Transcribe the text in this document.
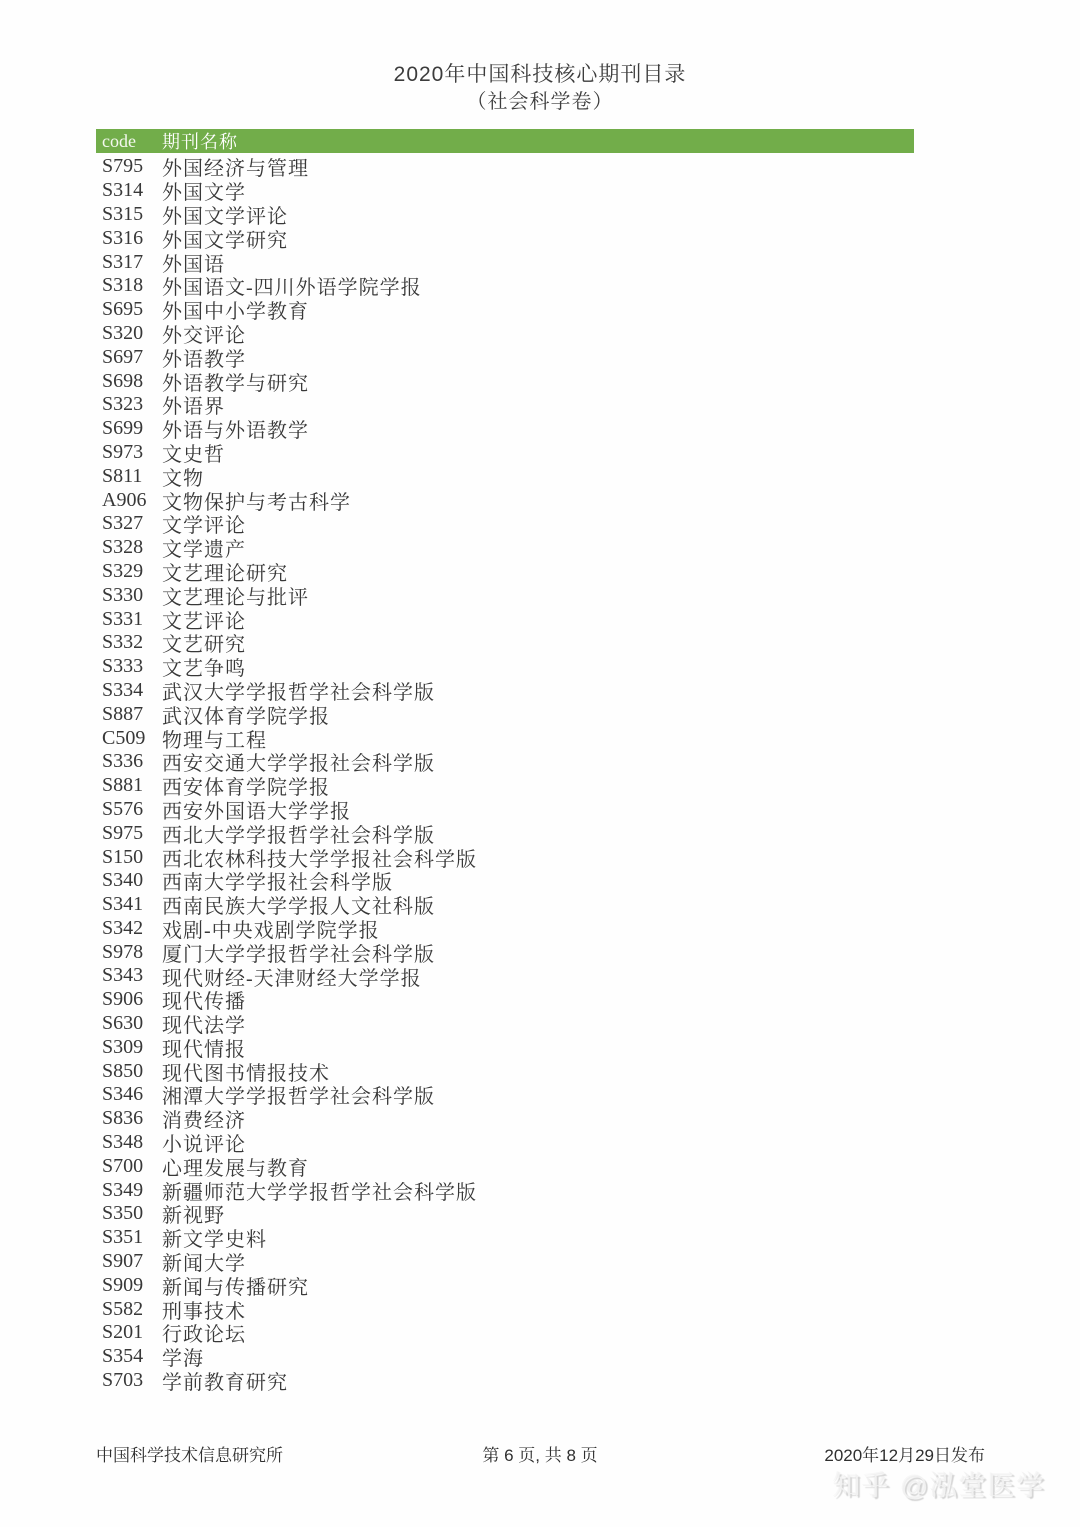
2020年中国科技核心期刊目录
（社会科学卷）
code	期刊名称
S795 外国经济与管理
S314 外国文学
S315 外国文学评论
S316 外国文学研究
S317 外国语
S318 外国语文-四川外语学院学报
S695 外国中小学教育
S320 外交评论
S697 外语教学
S698 外语教学与研究
S323 外语界
S699 外语与外语教学
S973 文史哲
S811 文物
A906 文物保护与考古科学
S327 文学评论
S328 文学遗产
S329 文艺理论研究
S330 文艺理论与批评
S331 文艺评论
S332 文艺研究
S333 文艺争鸣
S334 武汉大学学报哲学社会科学版
S887 武汉体育学院学报
C509 物理与工程
S336 西安交通大学学报社会科学版
S881 西安体育学院学报
S576 西安外国语大学学报
S975 西北大学学报哲学社会科学版
S150 西北农林科技大学学报社会科学版
S340 西南大学学报社会科学版
S341 西南民族大学学报人文社科版
S342 戏剧-中央戏剧学院学报
S978 厦门大学学报哲学社会科学版
S343 现代财经-天津财经大学学报
S906 现代传播
S630 现代法学
S309 现代情报
S850 现代图书情报技术
S346 湘潭大学学报哲学社会科学版
S836 消费经济
S348 小说评论
S700 心理发展与教育
S349 新疆师范大学学报哲学社会科学版
S350 新视野
S351 新文学史料
S907 新闻大学
S909 新闻与传播研究
S582 刑事技术
S201 行政论坛
S354 学海
S703 学前教育研究
中国科学技术信息研究所	第 6 页, 共 8 页	2020年12月29日发布
知乎 @泓堂医学
